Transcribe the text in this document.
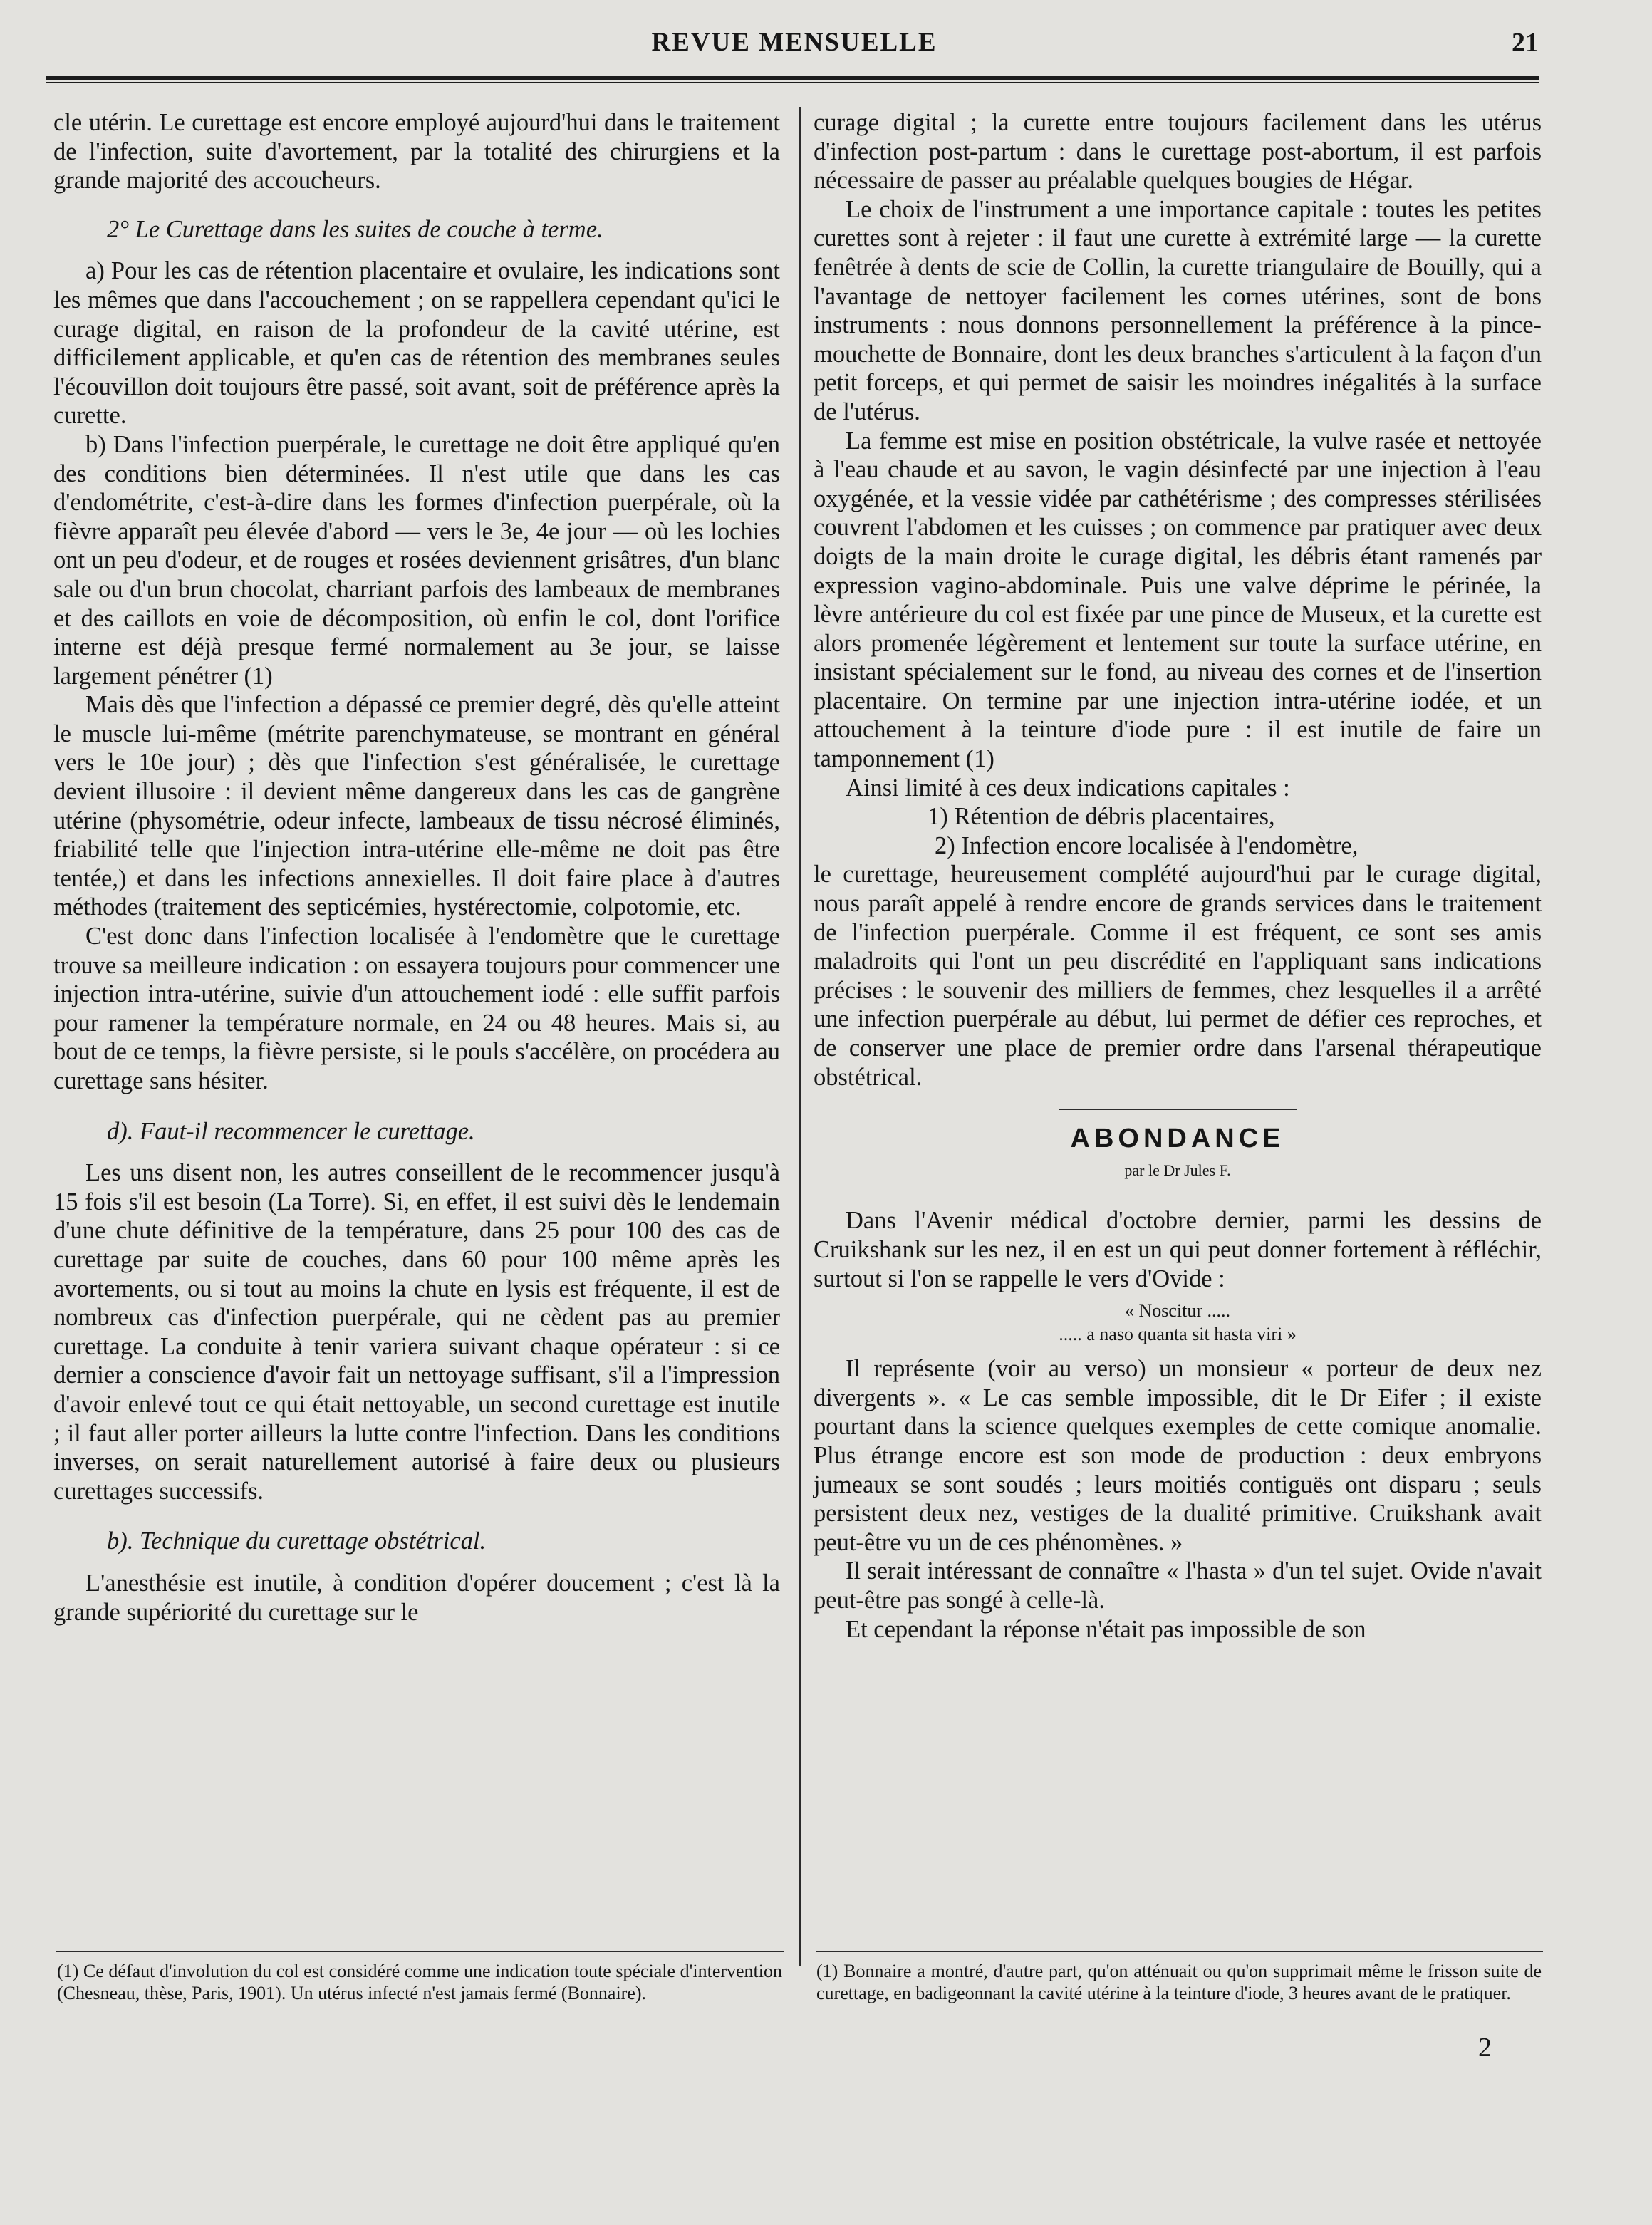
REVUE MENSUELLE	21

cle utérin. Le curettage est encore employé aujourd'hui dans le traitement de l'infection, suite d'avortement, par la totalité des chirurgiens et la grande majorité des accoucheurs.

2° Le Curettage dans les suites de couche à terme.

a) Pour les cas de rétention placentaire et ovulaire, les indications sont les mêmes que dans l'accouchement ; on se rappellera cependant qu'ici le curage digital, en raison de la profondeur de la cavité utérine, est difficilement applicable, et qu'en cas de rétention des membranes seules l'écouvillon doit toujours être passé, soit avant, soit de préférence après la curette.

b) Dans l'infection puerpérale, le curettage ne doit être appliqué qu'en des conditions bien déterminées. Il n'est utile que dans les cas d'endométrite, c'est-à-dire dans les formes d'infection puerpérale, où la fièvre apparaît peu élevée d'abord — vers le 3e, 4e jour — où les lochies ont un peu d'odeur, et de rouges et rosées deviennent grisâtres, d'un blanc sale ou d'un brun chocolat, charriant parfois des lambeaux de membranes et des caillots en voie de décomposition, où enfin le col, dont l'orifice interne est déjà presque fermé normalement au 3e jour, se laisse largement pénétrer (1)

Mais dès que l'infection a dépassé ce premier degré, dès qu'elle atteint le muscle lui-même (métrite parenchymateuse, se montrant en général vers le 10e jour) ; dès que l'infection s'est généralisée, le curettage devient illusoire : il devient même dangereux dans les cas de gangrène utérine (physométrie, odeur infecte, lambeaux de tissu nécrosé éliminés, friabilité telle que l'injection intra-utérine elle-même ne doit pas être tentée,) et dans les infections annexielles. Il doit faire place à d'autres méthodes (traitement des septicémies, hystérectomie, colpotomie, etc.

C'est donc dans l'infection localisée à l'endomètre que le curettage trouve sa meilleure indication : on essayera toujours pour commencer une injection intra-utérine, suivie d'un attouchement iodé : elle suffit parfois pour ramener la température normale, en 24 ou 48 heures. Mais si, au bout de ce temps, la fièvre persiste, si le pouls s'accélère, on procédera au curettage sans hésiter.

d). Faut-il recommencer le curettage.

Les uns disent non, les autres conseillent de le recommencer jusqu'à 15 fois s'il est besoin (La Torre). Si, en effet, il est suivi dès le lendemain d'une chute définitive de la température, dans 25 pour 100 des cas de curettage par suite de couches, dans 60 pour 100 même après les avortements, ou si tout au moins la chute en lysis est fréquente, il est de nombreux cas d'infection puerpérale, qui ne cèdent pas au premier curettage. La conduite à tenir variera suivant chaque opérateur : si ce dernier a conscience d'avoir fait un nettoyage suffisant, s'il a l'impression d'avoir enlevé tout ce qui était nettoyable, un second curettage est inutile ; il faut aller porter ailleurs la lutte contre l'infection. Dans les conditions inverses, on serait naturellement autorisé à faire deux ou plusieurs curettages successifs.

b). Technique du curettage obstétrical.

L'anesthésie est inutile, à condition d'opérer doucement ; c'est là la grande supériorité du curettage sur le

curage digital ; la curette entre toujours facilement dans les utérus d'infection post-partum : dans le curettage post-abortum, il est parfois nécessaire de passer au préalable quelques bougies de Hégar.

Le choix de l'instrument a une importance capitale : toutes les petites curettes sont à rejeter : il faut une curette à extrémité large — la curette fenêtrée à dents de scie de Collin, la curette triangulaire de Bouilly, qui a l'avantage de nettoyer facilement les cornes utérines, sont de bons instruments : nous donnons personnellement la préférence à la pince-mouchette de Bonnaire, dont les deux branches s'articulent à la façon d'un petit forceps, et qui permet de saisir les moindres inégalités à la surface de l'utérus.

La femme est mise en position obstétricale, la vulve rasée et nettoyée à l'eau chaude et au savon, le vagin désinfecté par une injection à l'eau oxygénée, et la vessie vidée par cathétérisme ; des compresses stérilisées couvrent l'abdomen et les cuisses ; on commence par pratiquer avec deux doigts de la main droite le curage digital, les débris étant ramenés par expression vagino-abdominale. Puis une valve déprime le périnée, la lèvre antérieure du col est fixée par une pince de Museux, et la curette est alors promenée légèrement et lentement sur toute la surface utérine, en insistant spécialement sur le fond, au niveau des cornes et de l'insertion placentaire. On termine par une injection intra-utérine iodée, et un attouchement à la teinture d'iode pure : il est inutile de faire un tamponnement (1)

Ainsi limité à ces deux indications capitales :

1) Rétention de débris placentaires,
2) Infection encore localisée à l'endomètre,

le curettage, heureusement complété aujourd'hui par le curage digital, nous paraît appelé à rendre encore de grands services dans le traitement de l'infection puerpérale. Comme il est fréquent, ce sont ses amis maladroits qui l'ont un peu discrédité en l'appliquant sans indications précises : le souvenir des milliers de femmes, chez lesquelles il a arrêté une infection puerpérale au début, lui permet de défier ces reproches, et de conserver une place de premier ordre dans l'arsenal thérapeutique obstétrical.

ABONDANCE
par le Dr Jules F.

Dans l'Avenir médical d'octobre dernier, parmi les dessins de Cruikshank sur les nez, il en est un qui peut donner fortement à réfléchir, surtout si l'on se rappelle le vers d'Ovide :

« Noscitur .....
..... a naso quanta sit hasta viri »

Il représente (voir au verso) un monsieur « porteur de deux nez divergents ». « Le cas semble impossible, dit le Dr Eifer ; il existe pourtant dans la science quelques exemples de cette comique anomalie. Plus étrange encore est son mode de production : deux embryons jumeaux se sont soudés ; leurs moitiés contiguës ont disparu ; seuls persistent deux nez, vestiges de la dualité primitive. Cruikshank avait peut-être vu un de ces phénomènes. »

Il serait intéressant de connaître « l'hasta » d'un tel sujet. Ovide n'avait peut-être pas songé à celle-là.

Et cependant la réponse n'était pas impossible de son

(1) Ce défaut d'involution du col est considéré comme une indication toute spéciale d'intervention (Chesneau, thèse, Paris, 1901). Un utérus infecté n'est jamais fermé (Bonnaire).
(1) Bonnaire a montré, d'autre part, qu'on atténuait ou qu'on supprimait même le frisson suite de curettage, en badigeonnant la cavité utérine à la teinture d'iode, 3 heures avant de le pratiquer.
2
